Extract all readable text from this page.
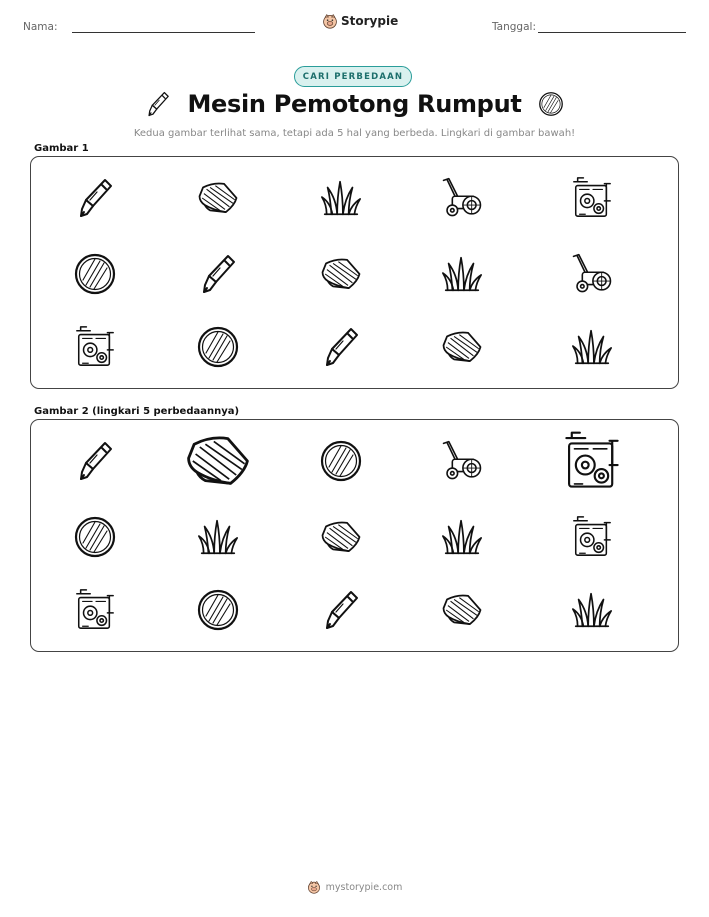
Nama:	Storypie	Tanggal:
CARI PERBEDAAN
Mesin Pemotong Rumput
Kedua gambar terlihat sama, tetapi ada 5 hal yang berbeda. Lingkari di gambar bawah!
Gambar 1
Gambar 2 (lingkari 5 perbedaannya)
mystorypie.com
